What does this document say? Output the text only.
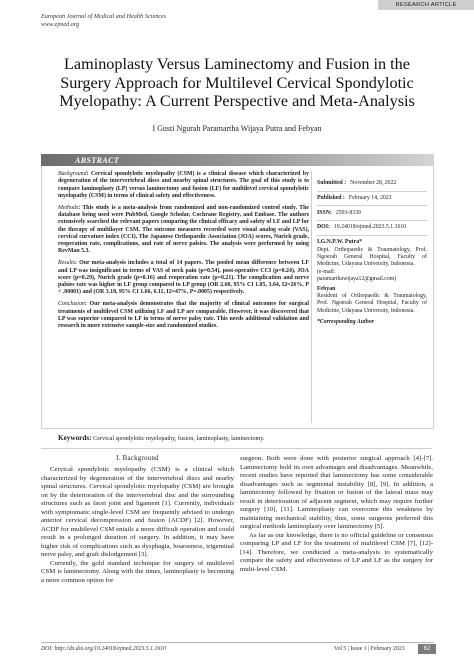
European Journal of Medical and Health Sciences
www.ejmed.org
RESEARCH ARTICLE
Laminoplasty Versus Laminectomy and Fusion in the Surgery Approach for Multilevel Cervical Spondylotic Myelopathy: A Current Perspective and Meta-Analysis
I Gusti Ngurah Paramartha Wijaya Putra and Febyan
ABSTRACT

Background: Cervical spondylotic myelopathy (CSM) is a clinical disease which characterized by degeneration of the intervertebral discs and nearby spinal structures. The goal of this study is to compare laminoplasty (LP) versus laminectomy and fusion (LF) for multilevel cervical spondylotic myelopathy (CSM) in terms of clinical safety and effectiveness.

Methods: This study is a meta-analysis from randomized and non-randomized control study. The database being used were PubMed, Google Scholar, Cochrane Registry, and Embase. The authors extensively searched the relevant papers comparing the clinical efficacy and safety of LF and LP for the therapy of multilayer CSM. The outcome measures recorded were visual analog scale (VAS), cervical curvature index (CCI), The Japanese Orthopaedic Association (JOA) scores, Nurich grade, reoperation rate, complications, and rate of nerve palsies. The analysis were performed by using RevMan 5.3.

Results: Our meta-analysis includes a total of 14 papers. The pooled mean difference between LF and LP was insignificant in terms of VAS of neck pain (p=0.54), post-operative CCI (p=0.24), JOA score (p=0.29), Nurich grade (p=0.16) and reoperation rate (p=0.21). The complication and nerve palsies rate was higher in LF group compared to LP group (OR 2.60, 95% CI 1.85, 3.64, I2=26%, P < .00001) and (OR 3.18, 95% CI 1.66, 6.11, I2=47%, P=.0005) respectively.

Conclusion: Our meta-analysis demonstrates that the majority of clinical outcomes for surgical treatments of multilevel CSM utilizing LF and LP are comparable. However, it was discovered that LP was superior compared to LF in terms of nerve palsy rate. This needs additional validation and research in more extensive sample-size and randomized studies.

Submitted : November 28, 2022
Published : February 14, 2023
ISSN: 2593-8339
DOI: 10.24018/ejmed.2023.5.1.1610
I.G.N.P.W. Putra*
Dept. Orthopaedic & Traumatology, Prof. Ngoerah General Hospital, Faculty of Medicine, Udayana University, Indonesia.
(e-mail:
paramarthawijaya12@gmail.com)
Febyan
Resident of Orthopaedic & Traumatology, Prof. Ngoerah General Hospital, Faculty of Medicine, Udayana University, Indonesia.
*Corresponding Author
Keywords: Cervical spondylotic myelopathy, fusion, laminoplasty, laminectomy.
I. Background

Cervical spondylotic myelopathy (CSM) is a clinical which characterized by degeneration of the intervertebral discs and nearby spinal structures. Cervical spondylotic myelopathy (CSM) are brought on by the deterioration of the intervertebral disc and the surrounding structures such as facet joint and ligament [1]. Currently, individuals with symptomatic single-level CSM are frequently advised to undergo anterior cervical decompression and fusion (ACDF) [2]. However, ACDF for multilevel CSM entails a more difficult operation and could result in a prolonged duration of surgery. In addition, it may have higher risk of complications such as dysphagia, hoarseness, trigeminal nerve palsy, and graft dislodgement [3].

Currently, the gold standard technique for surgery of multilevel CSM is laminectomy. Along with the times, laminoplasty is becoming a more common option for

surgeon. Both were done with posterior surgical approach [4]-[7]. Laminectomy hold its own advantages and disadvantages. Meanwhile, recent studies have reported that laminectomy has some considerable disadvantages such as segmental instability [8], [9]. In addition, a laminectomy followed by fixation or fusion of the lateral mass may result in deterioration of adjacent segment, which may require further surgery [10], [11]. Laminoplasty can overcome this weakness by maintaining mechanical stability, thus, some surgeons preferred this surgical methods laminoplasty over laminectomy [5].

As far as our knowledge, there is no official guideline or consensus comparing LP and LF for the treatment of multilevel CSM [7], [12]-[14]. Therefore, we conducted a meta-analysis to systematically compare the safety and effectiveness of LP and LF as the surgery for multi-level CSM.

DOI: http://dx.doi.org/10.24018/ejmed.2023.5.1.1610	Vol 5 | Issue 1 | February 2023	62
